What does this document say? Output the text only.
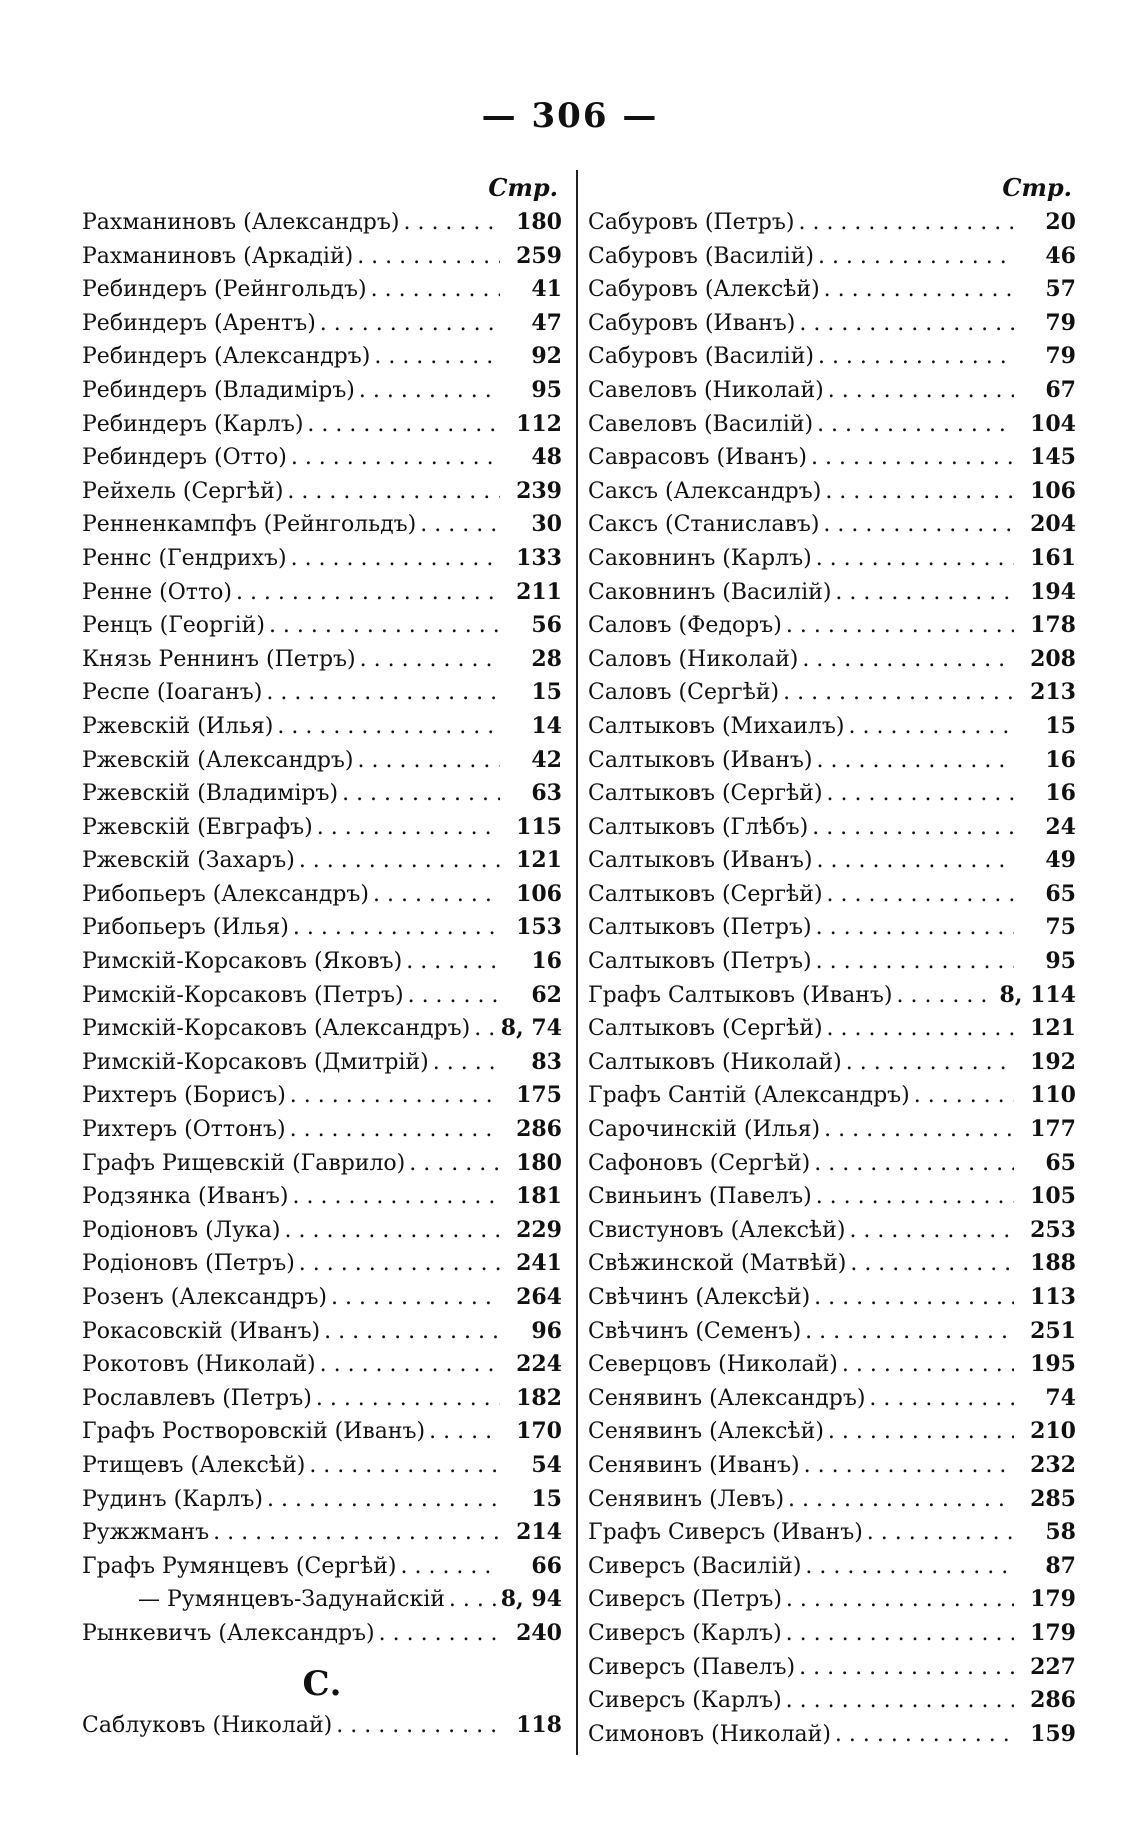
— 306 —
Стр.
Рахманиновъ (Александръ) . . .	180
Рахманиновъ (Аркадій) . . .	259
Ребиндеръ (Рейнгольдъ) . . .	41
Ребиндеръ (Арентъ) . . .	47
Ребиндеръ (Александръ) . . .	92
Ребиндеръ (Владиміръ) . . .	95
Ребиндеръ (Карлъ) . . .	112
Ребиндеръ (Отто) . . .	48
Рейхель (Сергѣй) . . .	239
Ренненкампфъ (Рейнгольдъ) . . .	30
Реннс (Гендрихъ) . . .	133
Ренне (Отто) . . .	211
Ренцъ (Георгій) . . .	56
Князь Реннинъ (Петръ) . . .	28
Респе (Іоаганъ) . . .	15
Ржевскій (Илья) . . .	14
Ржевскій (Александръ) . . .	42
Ржевскій (Владиміръ) . . .	63
Ржевскій (Евграфъ) . . .	115
Ржевскій (Захаръ) . . .	121
Рибопьеръ (Александръ) . . .	106
Рибопьеръ (Илья) . . .	153
Римскій-Корсаковъ (Яковъ) . . .	16
Римскій-Корсаковъ (Петръ) . . .	62
Римскій-Корсаковъ (Александръ) . . . 8, 74
Римскій-Корсаковъ (Дмитрій) . . .	83
Рихтеръ (Борисъ) . . .	175
Рихтеръ (Оттонъ) . . .	286
Графъ Рищевскій (Гаврило) . . .	180
Родзянка (Иванъ) . . .	181
Родіоновъ (Лука) . . .	229
Родіоновъ (Петръ) . . .	241
Розенъ (Александръ) . . .	264
Рокасовскій (Иванъ) . . .	96
Рокотовъ (Николай) . . .	224
Рославлевъ (Петръ) . . .	182
Графъ Ростворовскій (Иванъ) . . .	170
Ртищевъ (Алексѣй) . . .	54
Рудинъ (Карлъ) . . .	15
Ружжманъ . . .	214
Графъ Румянцевъ (Сергѣй) . . .	66
— Румянцевъ-Задунайскій . . .	8, 94
Рынкевичъ (Александръ) . . .	240
С.
Саблуковъ (Николай) . . .	118
Стр.
Сабуровъ (Петръ) . . .	20
Сабуровъ (Василій) . . .	46
Сабуровъ (Алексѣй) . . .	57
Сабуровъ (Иванъ) . . .	79
Сабуровъ (Василій) . . .	79
Савеловъ (Николай) . . .	67
Савеловъ (Василій) . . .	104
Саврасовъ (Иванъ) . . .	145
Саксъ (Александръ) . . .	106
Саксъ (Станиславъ) . . .	204
Саковнинъ (Карлъ) . . .	161
Саковнинъ (Василій) . . .	194
Саловъ (Федоръ) . . .	178
Саловъ (Николай) . . .	208
Саловъ (Сергѣй) . . .	213
Салтыковъ (Михаилъ) . . .	15
Салтыковъ (Иванъ) . . .	16
Салтыковъ (Сергѣй) . . .	16
Салтыковъ (Глѣбъ) . . .	24
Салтыковъ (Иванъ) . . .	49
Салтыковъ (Сергѣй) . . .	65
Салтыковъ (Петръ) . . .	75
Салтыковъ (Петръ) . . .	95
Графъ Салтыковъ (Иванъ) . . .	8, 114
Салтыковъ (Сергѣй) . . .	121
Салтыковъ (Николай) . . .	192
Графъ Сантій (Александръ) . . .	110
Сарочинскій (Илья) . . .	177
Сафоновъ (Сергѣй) . . .	65
Свиньинъ (Павелъ) . . .	105
Свистуновъ (Алексѣй) . . .	253
Свѣжинской (Матвѣй) . . .	188
Свѣчинъ (Алексѣй) . . .	113
Свѣчинъ (Семенъ) . . .	251
Северцовъ (Николай) . . .	195
Сенявинъ (Александръ) . . .	74
Сенявинъ (Алексѣй) . . .	210
Сенявинъ (Иванъ) . . .	232
Сенявинъ (Левъ) . . .	285
Графъ Сиверсъ (Иванъ) . . .	58
Сиверсъ (Василій) . . .	87
Сиверсъ (Петръ) . . .	179
Сиверсъ (Карлъ) . . .	179
Сиверсъ (Павелъ) . . .	227
Сиверсъ (Карлъ) . . .	286
Симоновъ (Николай) . . .	159
